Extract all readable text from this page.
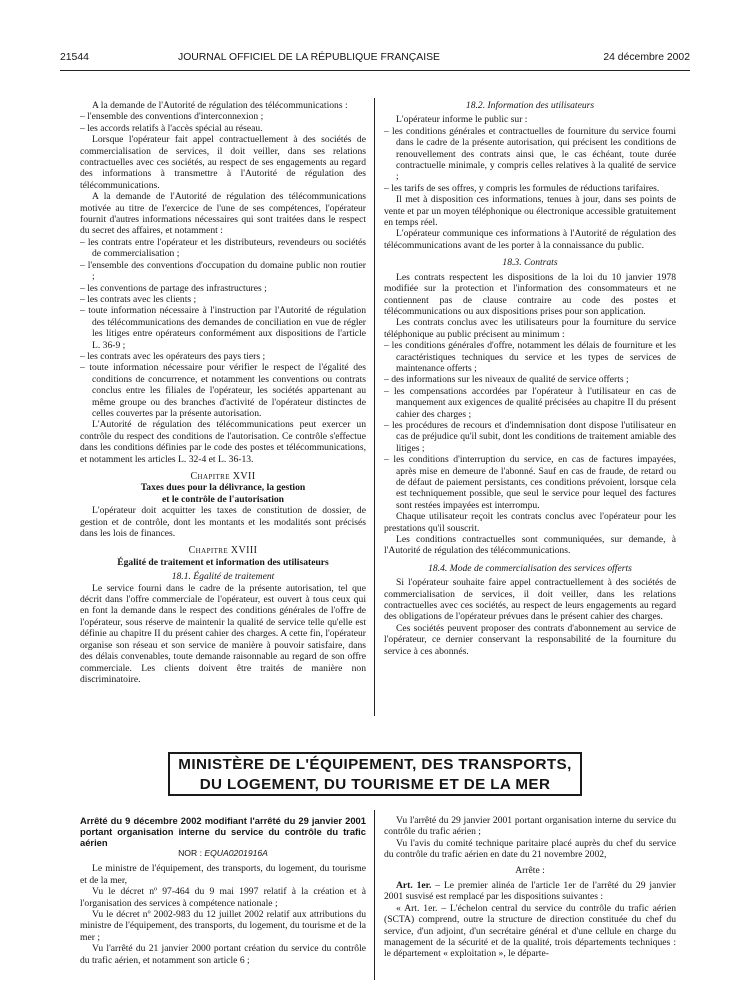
21544	JOURNAL OFFICIEL DE LA RÉPUBLIQUE FRANÇAISE	24 décembre 2002

A la demande de l'Autorité de régulation des télécommunications :

– l'ensemble des conventions d'interconnexion ;

– les accords relatifs à l'accès spécial au réseau.

Lorsque l'opérateur fait appel contractuellement à des sociétés de commercialisation de services, il doit veiller, dans ses relations contractuelles avec ces sociétés, au respect de ses engagements au regard des informations à transmettre à l'Autorité de régulation des télécommunications.

A la demande de l'Autorité de régulation des télécommunications motivée au titre de l'exercice de l'une de ses compétences, l'opérateur fournit d'autres informations nécessaires qui sont traitées dans le respect du secret des affaires, et notamment :

– les contrats entre l'opérateur et les distributeurs, revendeurs ou sociétés de commercialisation ;

– l'ensemble des conventions d'occupation du domaine public non routier ;

– les conventions de partage des infrastructures ;

– les contrats avec les clients ;

– toute information nécessaire à l'instruction par l'Autorité de régulation des télécommunications des demandes de conciliation en vue de régler les litiges entre opérateurs conformément aux dispositions de l'article L. 36-9 ;

– les contrats avec les opérateurs des pays tiers ;

– toute information nécessaire pour vérifier le respect de l'égalité des conditions de concurrence, et notamment les conventions ou contrats conclus entre les filiales de l'opérateur, les sociétés appartenant au même groupe ou des branches d'activité de l'opérateur distinctes de celles couvertes par la présente autorisation.

L'Autorité de régulation des télécommunications peut exercer un contrôle du respect des conditions de l'autorisation. Ce contrôle s'effectue dans les conditions définies par le code des postes et télécommunications, et notamment les articles L. 32-4 et L. 36-13.

Chapitre XVII

Taxes dues pour la délivrance, la gestion

et le contrôle de l'autorisation

L'opérateur doit acquitter les taxes de constitution de dossier, de gestion et de contrôle, dont les montants et les modalités sont précisés dans les lois de finances.

Chapitre XVIII

Égalité de traitement et information des utilisateurs

18.1. Égalité de traitement

Le service fourni dans le cadre de la présente autorisation, tel que décrit dans l'offre commerciale de l'opérateur, est ouvert à tous ceux qui en font la demande dans le respect des conditions générales de l'offre de l'opérateur, sous réserve de maintenir la qualité de service telle qu'elle est définie au chapitre II du présent cahier des charges. A cette fin, l'opérateur organise son réseau et son service de manière à pouvoir satisfaire, dans des délais convenables, toute demande raisonnable au regard de son offre commerciale. Les clients doivent être traités de manière non discriminatoire.

18.2. Information des utilisateurs

L'opérateur informe le public sur :

– les conditions générales et contractuelles de fourniture du service fourni dans le cadre de la présente autorisation, qui précisent les conditions de renouvellement des contrats ainsi que, le cas échéant, toute durée contractuelle minimale, y compris celles relatives à la qualité de service ;

– les tarifs de ses offres, y compris les formules de réductions tarifaires.

Il met à disposition ces informations, tenues à jour, dans ses points de vente et par un moyen téléphonique ou électronique accessible gratuitement en temps réel.

L'opérateur communique ces informations à l'Autorité de régulation des télécommunications avant de les porter à la connaissance du public.

18.3. Contrats

Les contrats respectent les dispositions de la loi du 10 janvier 1978 modifiée sur la protection et l'information des consommateurs et ne contiennent pas de clause contraire au code des postes et télécommunications ou aux dispositions prises pour son application.

Les contrats conclus avec les utilisateurs pour la fourniture du service téléphonique au public précisent au minimum :

– les conditions générales d'offre, notamment les délais de fourniture et les caractéristiques techniques du service et les types de services de maintenance offerts ;

– des informations sur les niveaux de qualité de service offerts ;

– les compensations accordées par l'opérateur à l'utilisateur en cas de manquement aux exigences de qualité précisées au chapitre II du présent cahier des charges ;

– les procédures de recours et d'indemnisation dont dispose l'utilisateur en cas de préjudice qu'il subit, dont les conditions de traitement amiable des litiges ;

– les conditions d'interruption du service, en cas de factures impayées, après mise en demeure de l'abonné. Sauf en cas de fraude, de retard ou de défaut de paiement persistants, ces conditions prévoient, lorsque cela est techniquement possible, que seul le service pour lequel des factures sont restées impayées est interrompu.

Chaque utilisateur reçoit les contrats conclus avec l'opérateur pour les prestations qu'il souscrit.

Les conditions contractuelles sont communiquées, sur demande, à l'Autorité de régulation des télécommunications.

18.4. Mode de commercialisation des services offerts

Si l'opérateur souhaite faire appel contractuellement à des sociétés de commercialisation de services, il doit veiller, dans les relations contractuelles avec ces sociétés, au respect de leurs engagements au regard des obligations de l'opérateur prévues dans le présent cahier des charges.

Ces sociétés peuvent proposer des contrats d'abonnement au service de l'opérateur, ce dernier conservant la responsabilité de la fourniture du service à ces abonnés.

MINISTÈRE DE L'ÉQUIPEMENT, DES TRANSPORTS,
DU LOGEMENT, DU TOURISME ET DE LA MER

Arrêté du 9 décembre 2002 modifiant l'arrêté du 29 janvier 2001 portant organisation interne du service du contrôle du trafic aérien

NOR : EQUA0201916A

Le ministre de l'équipement, des transports, du logement, du tourisme et de la mer,

Vu le décret nº 97-464 du 9 mai 1997 relatif à la création et à l'organisation des services à compétence nationale ;

Vu le décret nº 2002-983 du 12 juillet 2002 relatif aux attributions du ministre de l'équipement, des transports, du logement, du tourisme et de la mer ;

Vu l'arrêté du 21 janvier 2000 portant création du service du contrôle du trafic aérien, et notamment son article 6 ;

Vu l'arrêté du 29 janvier 2001 portant organisation interne du service du contrôle du trafic aérien ;

Vu l'avis du comité technique paritaire placé auprès du chef du service du contrôle du trafic aérien en date du 21 novembre 2002,

Arrête :

Art. 1er. – Le premier alinéa de l'article 1er de l'arrêté du 29 janvier 2001 susvisé est remplacé par les dispositions suivantes :

« Art. 1er. – L'échelon central du service du contrôle du trafic aérien (SCTA) comprend, outre la structure de direction constituée du chef du service, d'un adjoint, d'un secrétaire général et d'une cellule en charge du management de la sécurité et de la qualité, trois départements techniques : le département « exploitation », le départe-
